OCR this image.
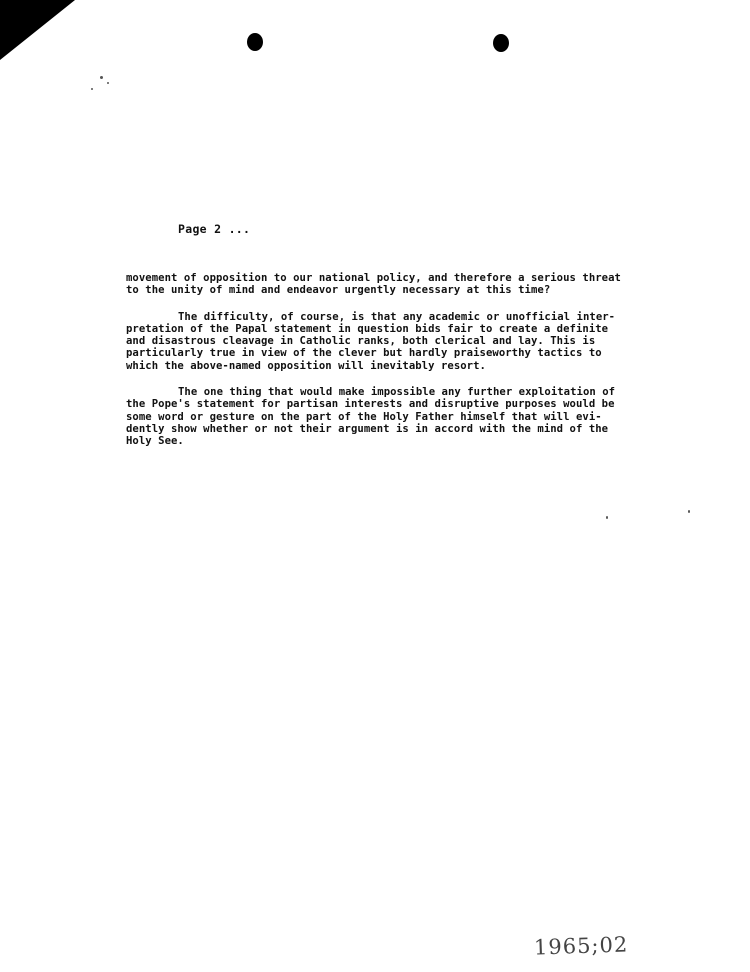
Page 2 ...

movement of opposition to our national policy, and therefore a serious threat
to the unity of mind and endeavor urgently necessary at this time?

The difficulty, of course, is that any academic or unofficial inter-
pretation of the Papal statement in question bids fair to create a definite
and disastrous cleavage in Catholic ranks, both clerical and lay. This is
particularly true in view of the clever but hardly praiseworthy tactics to
which the above-named opposition will inevitably resort.

The one thing that would make impossible any further exploitation of
the Pope's statement for partisan interests and disruptive purposes would be
some word or gesture on the part of the Holy Father himself that will evi-
dently show whether or not their argument is in accord with the mind of the
Holy See.

1965;02
